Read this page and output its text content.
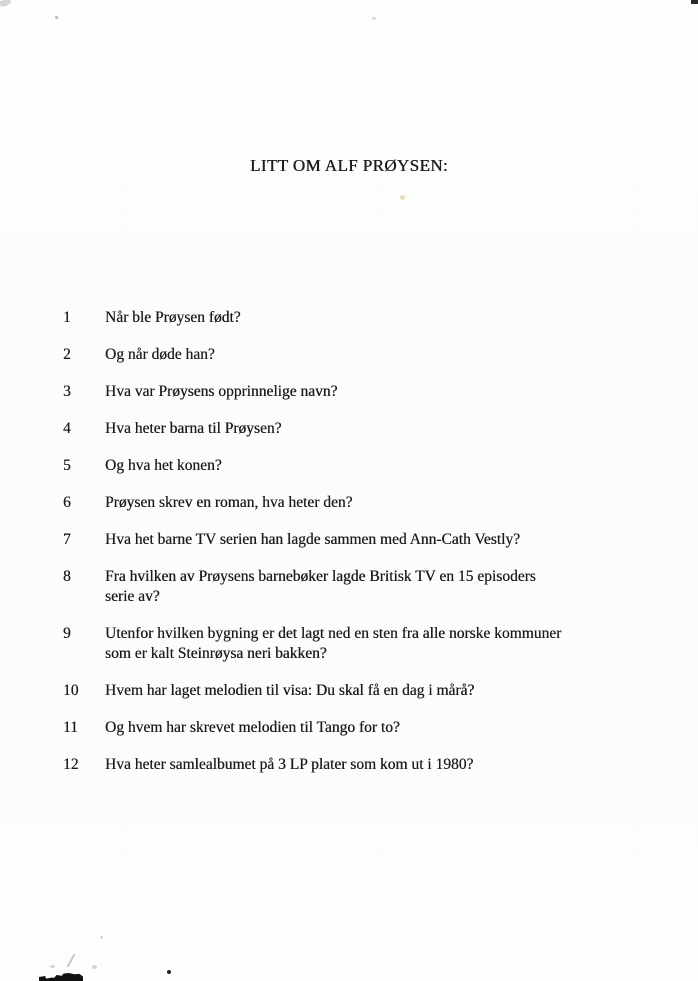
LITT OM ALF PRØYSEN:
1	Når ble Prøysen født?
2	Og når døde han?
3	Hva var Prøysens opprinnelige navn?
4	Hva heter barna til Prøysen?
5	Og hva het konen?
6	Prøysen skrev en roman, hva heter den?
7	Hva het barne TV serien han lagde sammen med Ann-Cath Vestly?
8	Fra hvilken av Prøysens barnebøker lagde Britisk TV en 15 episoders
serie av?
9	Utenfor hvilken bygning er det lagt ned en sten fra alle norske kommuner
som er kalt Steinrøysa neri bakken?
10	Hvem har laget melodien til visa: Du skal få en dag i mårå?
11	Og hvem har skrevet melodien til Tango for to?
12	Hva heter samlealbumet på 3 LP plater som kom ut i 1980?
